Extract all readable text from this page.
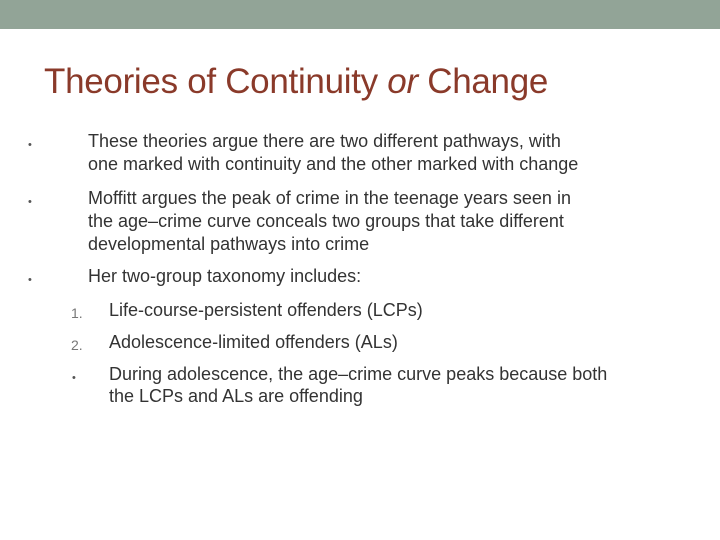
Theories of Continuity or Change
•	These theories argue there are two different pathways, with
one marked with continuity and the other marked with change
•	Moffitt argues the peak of crime in the teenage years seen in
the age–crime curve conceals two groups that take different
developmental pathways into crime
•	Her two-group taxonomy includes:
1. Life-course-persistent offenders (LCPs)
2. Adolescence-limited offenders (ALs)
• During adolescence, the age–crime curve peaks because both
the LCPs and ALs are offending
